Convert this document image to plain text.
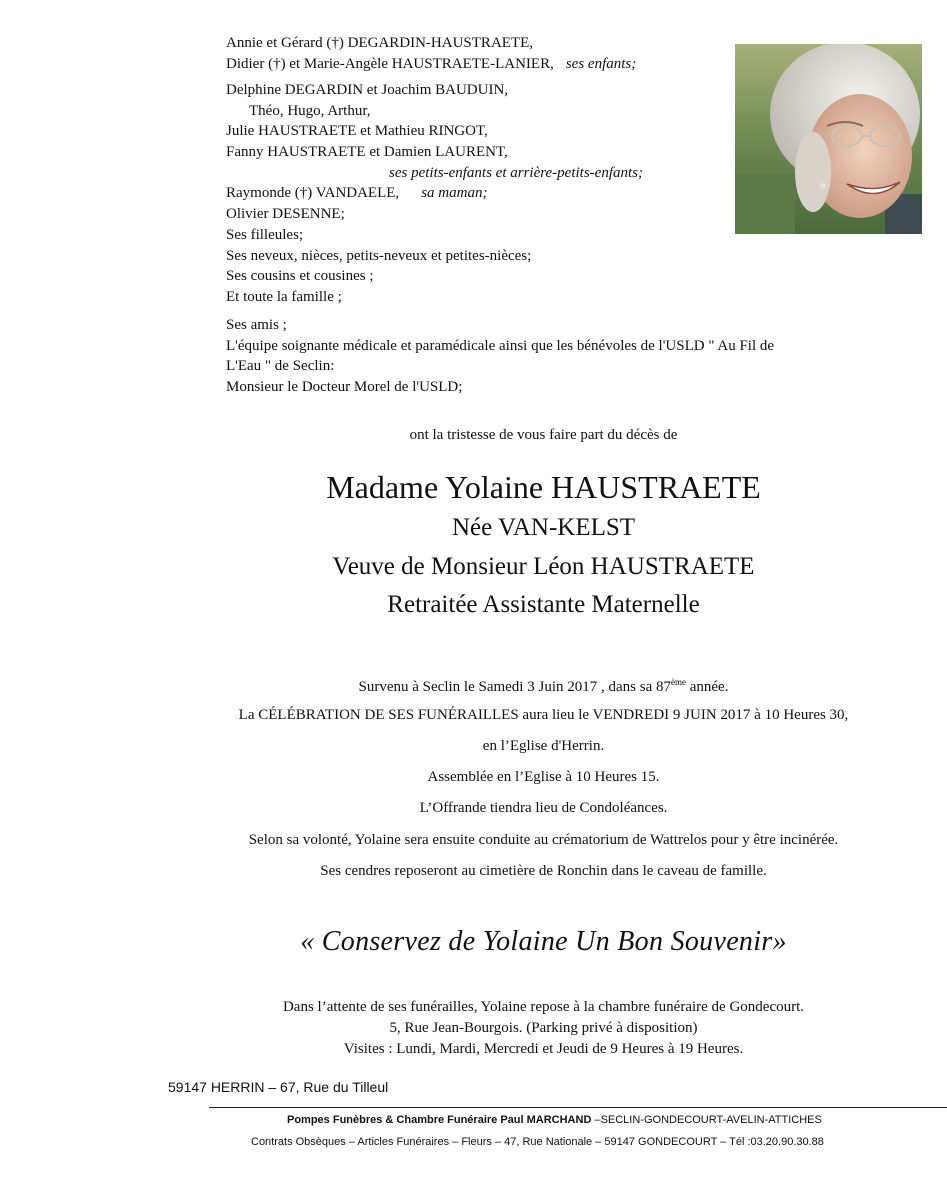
Annie et Gérard (†) DEGARDIN-HAUSTRAETE,
Didier (†) et Marie-Angèle HAUSTRAETE-LANIER, ses enfants;
Delphine DEGARDIN et Joachim BAUDUIN,
Théo, Hugo, Arthur,
Julie HAUSTRAETE et Mathieu RINGOT,
Fanny HAUSTRAETE et Damien LAURENT,
ses petits-enfants et arrière-petits-enfants;
Raymonde (†) VANDAELE, sa maman;
Olivier DESENNE;
Ses filleules;
Ses neveux, nièces, petits-neveux et petites-nièces;
Ses cousins et cousines ;
Et toute la famille ;
Ses amis ;
L'équipe soignante médicale et paramédicale ainsi que les bénévoles de l'USLD " Au Fil de
L'Eau " de Seclin:
Monsieur le Docteur Morel de l'USLD;
ont la tristesse de vous faire part du décès de
Madame Yolaine HAUSTRAETE
Née VAN-KELST
Veuve de Monsieur Léon HAUSTRAETE
Retraitée Assistante Maternelle
Survenu à Seclin le Samedi 3 Juin 2017 , dans sa 87ème année.
La CÉLÉBRATION DE SES FUNÉRAILLES aura lieu le VENDREDI 9 JUIN 2017 à 10 Heures 30,
en l’Eglise d'Herrin.
Assemblée en l’Eglise à 10 Heures 15.
L’Offrande tiendra lieu de Condoléances.
Selon sa volonté, Yolaine sera ensuite conduite au crématorium de Wattrelos pour y être incinérée.
Ses cendres reposeront au cimetière de Ronchin dans le caveau de famille.
« Conservez de Yolaine Un Bon Souvenir»
Dans l’attente de ses funérailles, Yolaine repose à la chambre funéraire de Gondecourt.
5, Rue Jean-Bourgois. (Parking privé à disposition)
Visites : Lundi, Mardi, Mercredi et Jeudi de 9 Heures à 19 Heures.
59147 HERRIN – 67, Rue du Tilleul
Pompes Funèbres & Chambre Funéraire Paul MARCHAND –SECLIN-GONDECOURT-AVELIN-ATTICHES
Contrats Obsèques – Articles Funéraires – Fleurs – 47, Rue Nationale – 59147 GONDECOURT – Tél :03.20.90.30.88
